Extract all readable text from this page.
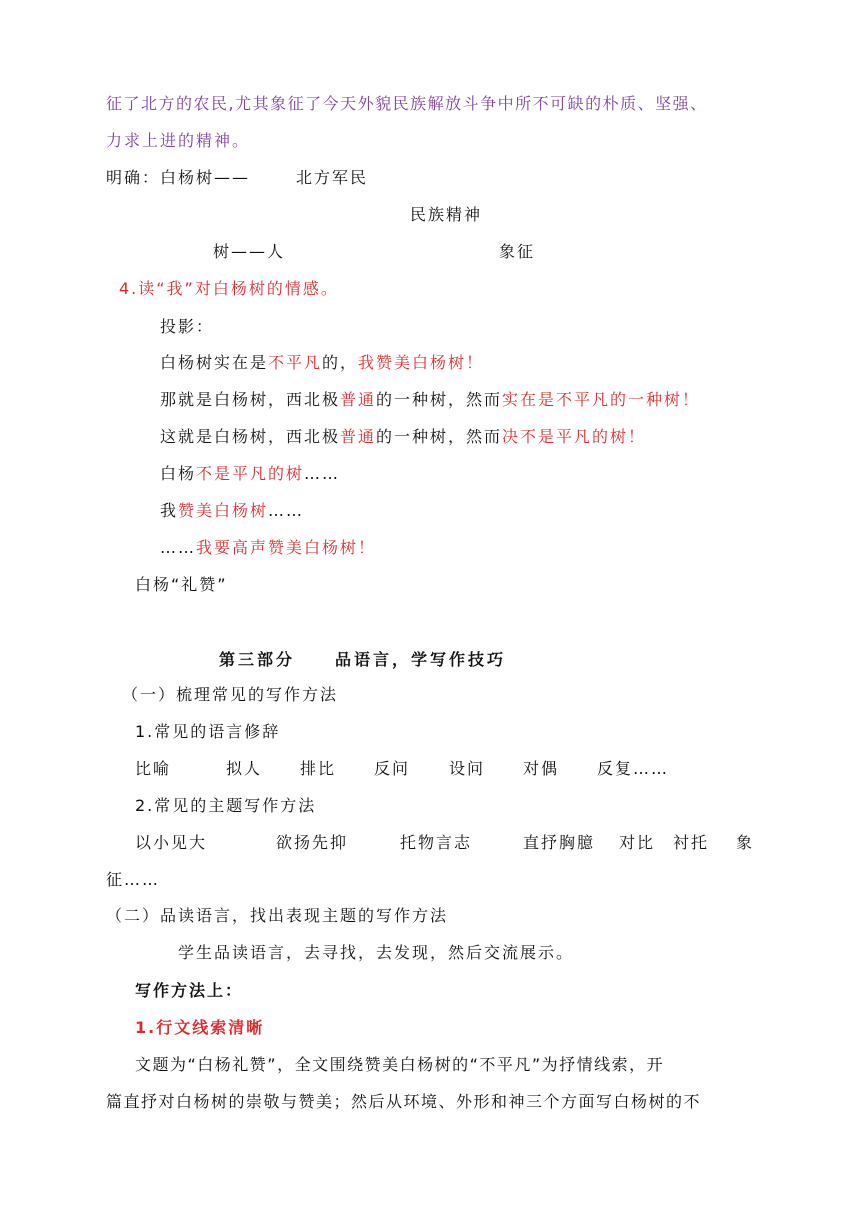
征了北方的农民,尤其象征了今天外貌民族解放斗争中所不可缺的朴质、坚强、
力求上进的精神。
明确：白杨树——	北方军民
民族精神
树——人	象征
4.读“我”对白杨树的情感。
投影：
白杨树实在是不平凡的，我赞美白杨树！
那就是白杨树，西北极普通的一种树，然而实在是不平凡的一种树！
这就是白杨树，西北极普通的一种树，然而决不是平凡的树！
白杨不是平凡的树……
我赞美白杨树……
……我要高声赞美白杨树！
白杨“礼赞”
第三部分 品语言，学写作技巧
（一）梳理常见的写作方法
1.常见的语言修辞
比喻	拟人 排比 反问 设问 对偶 反复……
2.常见的主题写作方法
以小见大	欲扬先抑	托物言志	直抒胸臆 对比 衬托 象
征……
（二）品读语言，找出表现主题的写作方法
学生品读语言，去寻找，去发现，然后交流展示。
写作方法上：
1.行文线索清晰
文题为“白杨礼赞”，全文围绕赞美白杨树的“不平凡”为抒情线索，开
篇直抒对白杨树的崇敬与赞美；然后从环境、外形和神三个方面写白杨树的不
